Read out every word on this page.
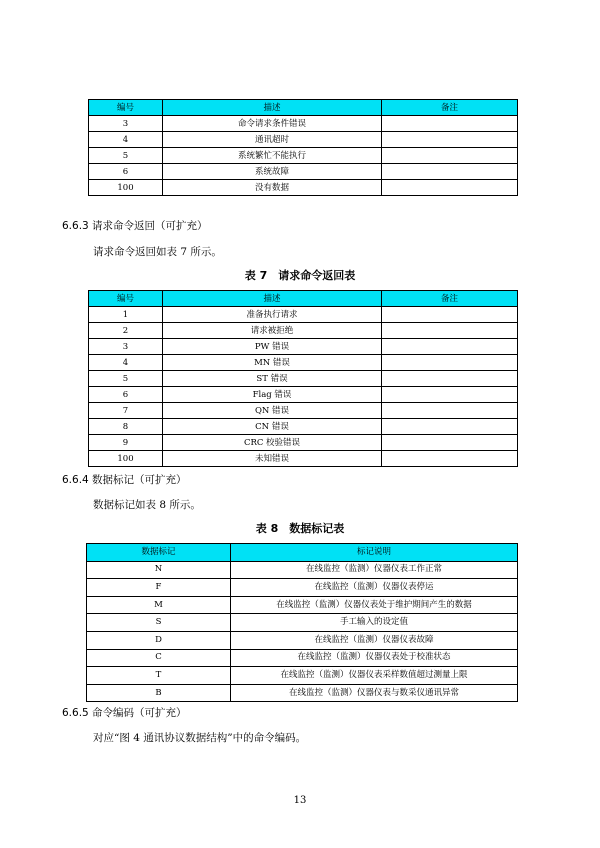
编号	描述	备注
3	命令请求条件错误	
4	通讯超时	
5	系统繁忙不能执行	
6	系统故障	
100	没有数据	
6.6.3 请求命令返回（可扩充）
请求命令返回如表 7 所示。
表 7　请求命令返回表
编号	描述	备注
1	准备执行请求	
2	请求被拒绝	
3	PW 错误	
4	MN 错误	
5	ST 错误	
6	Flag 错误	
7	QN 错误	
8	CN 错误	
9	CRC 校验错误	
100	未知错误	
6.6.4 数据标记（可扩充）
数据标记如表 8 所示。
表 8　数据标记表
数据标记	标记说明
N	在线监控（监测）仪器仪表工作正常
F	在线监控（监测）仪器仪表停运
M	在线监控（监测）仪器仪表处于维护期间产生的数据
S	手工输入的设定值
D	在线监控（监测）仪器仪表故障
C	在线监控（监测）仪器仪表处于校准状态
T	在线监控（监测）仪器仪表采样数值超过测量上限
B	在线监控（监测）仪器仪表与数采仪通讯异常
6.6.5 命令编码（可扩充）
对应“图 4 通讯协议数据结构”中的命令编码。
13
